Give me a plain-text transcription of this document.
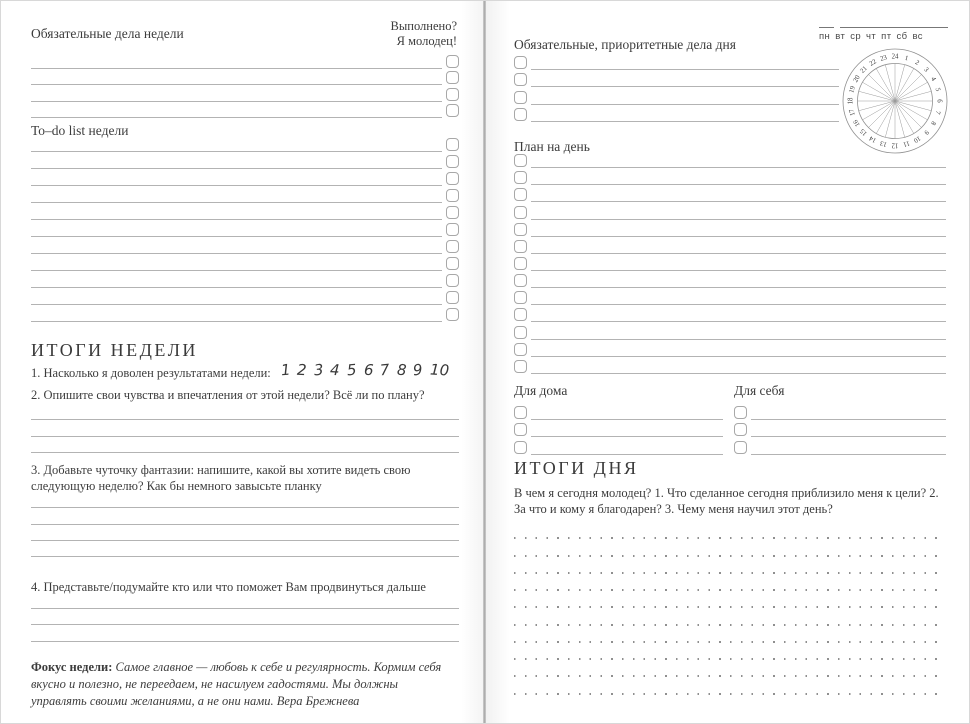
Обязательные дела недели	Выполнено?
Я молодец!
To–do list недели
ИТОГИ НЕДЕЛИ
1. Насколько я доволен результатами недели: 1 2 3 4 5 6 7 8 9 10
2. Опишите свои чувства и впечатления от этой недели? Всё ли по плану?
3. Добавьте чуточку фантазии: напишите, какой вы хотите видеть свою следующую неделю? Как бы немного завысьте планку
4. Представьте/подумайте кто или что поможет Вам продвинуться дальше
Фокус недели: Самое главное — любовь к себе и регулярность. Кормим себя вкусно и полезно, не переедаем, не насилуем гадостями. Мы должны управлять своими желаниями, а не они нами. Вера Брежнева
пн вт ср чт пт сб вс
Обязательные, приоритетные дела дня
1
2
3
4
5
6
7
8
9
10
11
12
13
14
15
16
17
18
19
20
21
22 23 24
План на день
Для дома	Для себя
ИТОГИ ДНЯ
В чем я сегодня молодец? 1. Что сделанное сегодня приблизило меня к цели? 2. За что и кому я благодарен? 3. Чему меня научил этот день?
